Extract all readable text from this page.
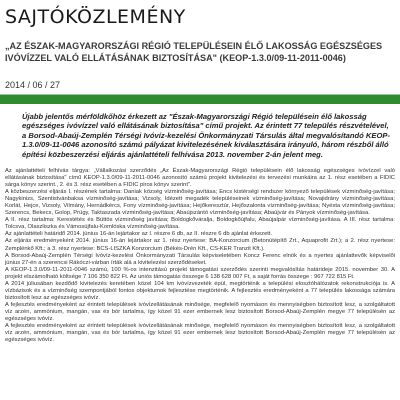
SAJTÓKÖZLEMÉNY
„AZ ÉSZAK-MAGYARORSZÁGI RÉGIÓ TELEPÜLÉSEIN ÉLŐ LAKOSSÁG EGÉSZSÉGES IVÓVÍZZEL VALÓ ELLÁTÁSÁNAK BIZTOSÍTÁSA" (KEOP-1.3.0/09-11-2011-0046)
2014 / 06 / 27
Újabb jelentős mérföldkőhöz érkezett az "Észak-Magyarországi Régió településein élő lakosság egészséges ivóvízzel való ellátásának biztosítása" című projekt. Az érintett 77 település részvételével, a Borsod-Abaúj-Zemplén Térségi Ivóvíz-kezelési Önkormányzati Társulás által megvalósítandó KEOP-1.3.0/09-11-0046 azonosító számú pályázat kivitelezésének kiválasztására irányuló, három részből álló építési közbeszerzési eljárás ajánlattételi felhívása 2013. november 2-án jelent meg.

Az ajánlattételi felhívás tárgya: „Vállalkozási szerződés „Az Észak-Magyarországi Régió településein élő lakosság egészséges ivóvízzel való ellátásának biztosítása" című KEOP-1.3.0/09-11-2011-0046 azonosító számú projekt kivitelezési és tervezési munkáira az 1. rész esetében a FIDIC sárga könyv szerint., 2. és 3. rész esetében a FIDIC piros könyv szerint".

A közbeszerzési eljárás I. részének tartalma: Daniak község vízminőség-javítása; Encs kistérségi rendszer környező települések vízminőség-javítása; Nagykinizs, Szentistvánbaksa vízminőség-javítása; Vizsoly, Idézett megadék településeinek vízminőség-javítása; Novajidrány vízminőség-javítása; Korlát, Hejce, Vizsoly, Vilmány, Hernádkércs, Fony vízminőség-javítása; Hejőkeresztúr, Hejőszalonta vízminőség-javítása; Nyésta vízminőség-javítása; Szerencs, Bekecs, Golop, Prügy, Taktaszada vízminőség-javítása; Abaújszántó vízminőség-javítása; Abaújvár és Pányok vízminőség-javítása.

A II. rész tartalma: Kerestétés és Büttös vízminőség javítása; Boldogkőváralja, Boldogkőújfalu, Abaújalpár vízminőség-javítása. A III. rész tartalma: Tolcsva, Olaszliszka és Vámosújfalu-Komlóska vízminőség-javítása.

Az ajánlattételi határidő 2014. június 16-án lejártakor az I. részre 6 db, az II. részre 6 db ajánlat érkezett.

Az eljárás eredményeként 2014. június 16-án lejártakor az 1. rész nyertese: BA-Konzorcium (Betonútépítő Zrt., Aquaprofit Zrt.); a 2. rész nyertese: Zemplénkő Kft.; a 3. rész nyertese: BCS-LISZKA Konzorcium (Békés-Drén Kft., CS-KER Tranzit Kft.).

A Borsod-Abaúj-Zemplén Térségi Ivóvíz-kezelési Önkormányzati Társulás képviseletében Koncz Ferenc elnök és a nyertes ajánlattevők képviselői június 27-én a szerencsi Rákóczi-várban írták alá a kivitelezési szerződéseket.

A KEOP-1.3.0/09-11-2011-0046 számú, 100 %-os intenzitású projekt támogatási szerződés szerinti megvalósítás határideje 2015. november 30. A projekt elszámolható költsége 7 106 350 822 Ft. Az uniós támogatás összege 6 138 628 007 Ft, a saját forrás összege : 967 722 815 Ft.

A 2014 júliusában kezdődő kivitelezés keretében közel 104 km ivóvízvezeték épül, megtörténik a települési elosztóhálózatok rekonstrukciója is. A vízbázisok és a vízminőség szempontjából fontos objektumok fejlesztése megtörténik. A fejlesztés eredményeként a 77 település lakossága számára biztosított lesz az egészséges ivóvíz.

A fejlesztés eredményeként az érintett települések ivóvízellátásának minősége, megfelelő nyomáson és mennyiségben biztosított lesz, a szolgáltatott víz arzén, ammónium, mangán, vas és bór tartalma, így közel 91 ezer embernek lesz biztosított Borsod-Abaúj-Zemplén megye 77 településén az egészséges ivóvíz.

A fejlesztés eredményeként az érintett települések ivóvízellátásának minősége, megfelelő nyomáson és mennyiségben biztosított lesz, a szolgáltatott víz arzén, ammónium, mangán, vas és bór tartalma, így közel 91 ezer embernek lesz biztosított Borsod-Abaúj-Zemplén megye 77 településén az egészséges ivóvíz.
